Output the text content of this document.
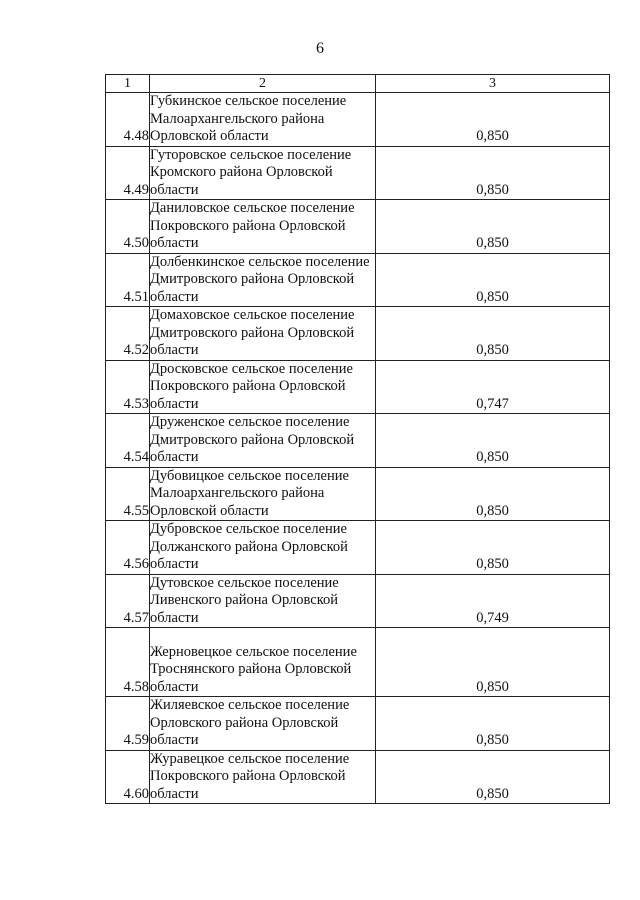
6
1	2	3
4.48	Губкинское сельское поселение Малоархангельского района Орловской области	0,850
4.49	Гуторовское сельское поселение Кромского района Орловской области	0,850
4.50	Даниловское сельское поселение Покровского района Орловской области	0,850
4.51	Долбенкинское сельское поселение Дмитровского района Орловской области	0,850
4.52	Домаховское сельское поселение Дмитровского района Орловской области	0,850
4.53	Дросковское сельское поселение Покровского района Орловской области	0,747
4.54	Друженское сельское поселение Дмитровского района Орловской области	0,850
4.55	Дубовицкое сельское поселение Малоархангельского района Орловской области	0,850
4.56	Дубровское сельское поселение Должанского района Орловской области	0,850
4.57	Дутовское сельское поселение Ливенского района Орловской области	0,749
4.58	Жерновецкое сельское поселение Троснянского района Орловской области	0,850
4.59	Жиляевское сельское поселение Орловского района Орловской области	0,850
4.60	Журавецкое сельское поселение Покровского района Орловской области	0,850
